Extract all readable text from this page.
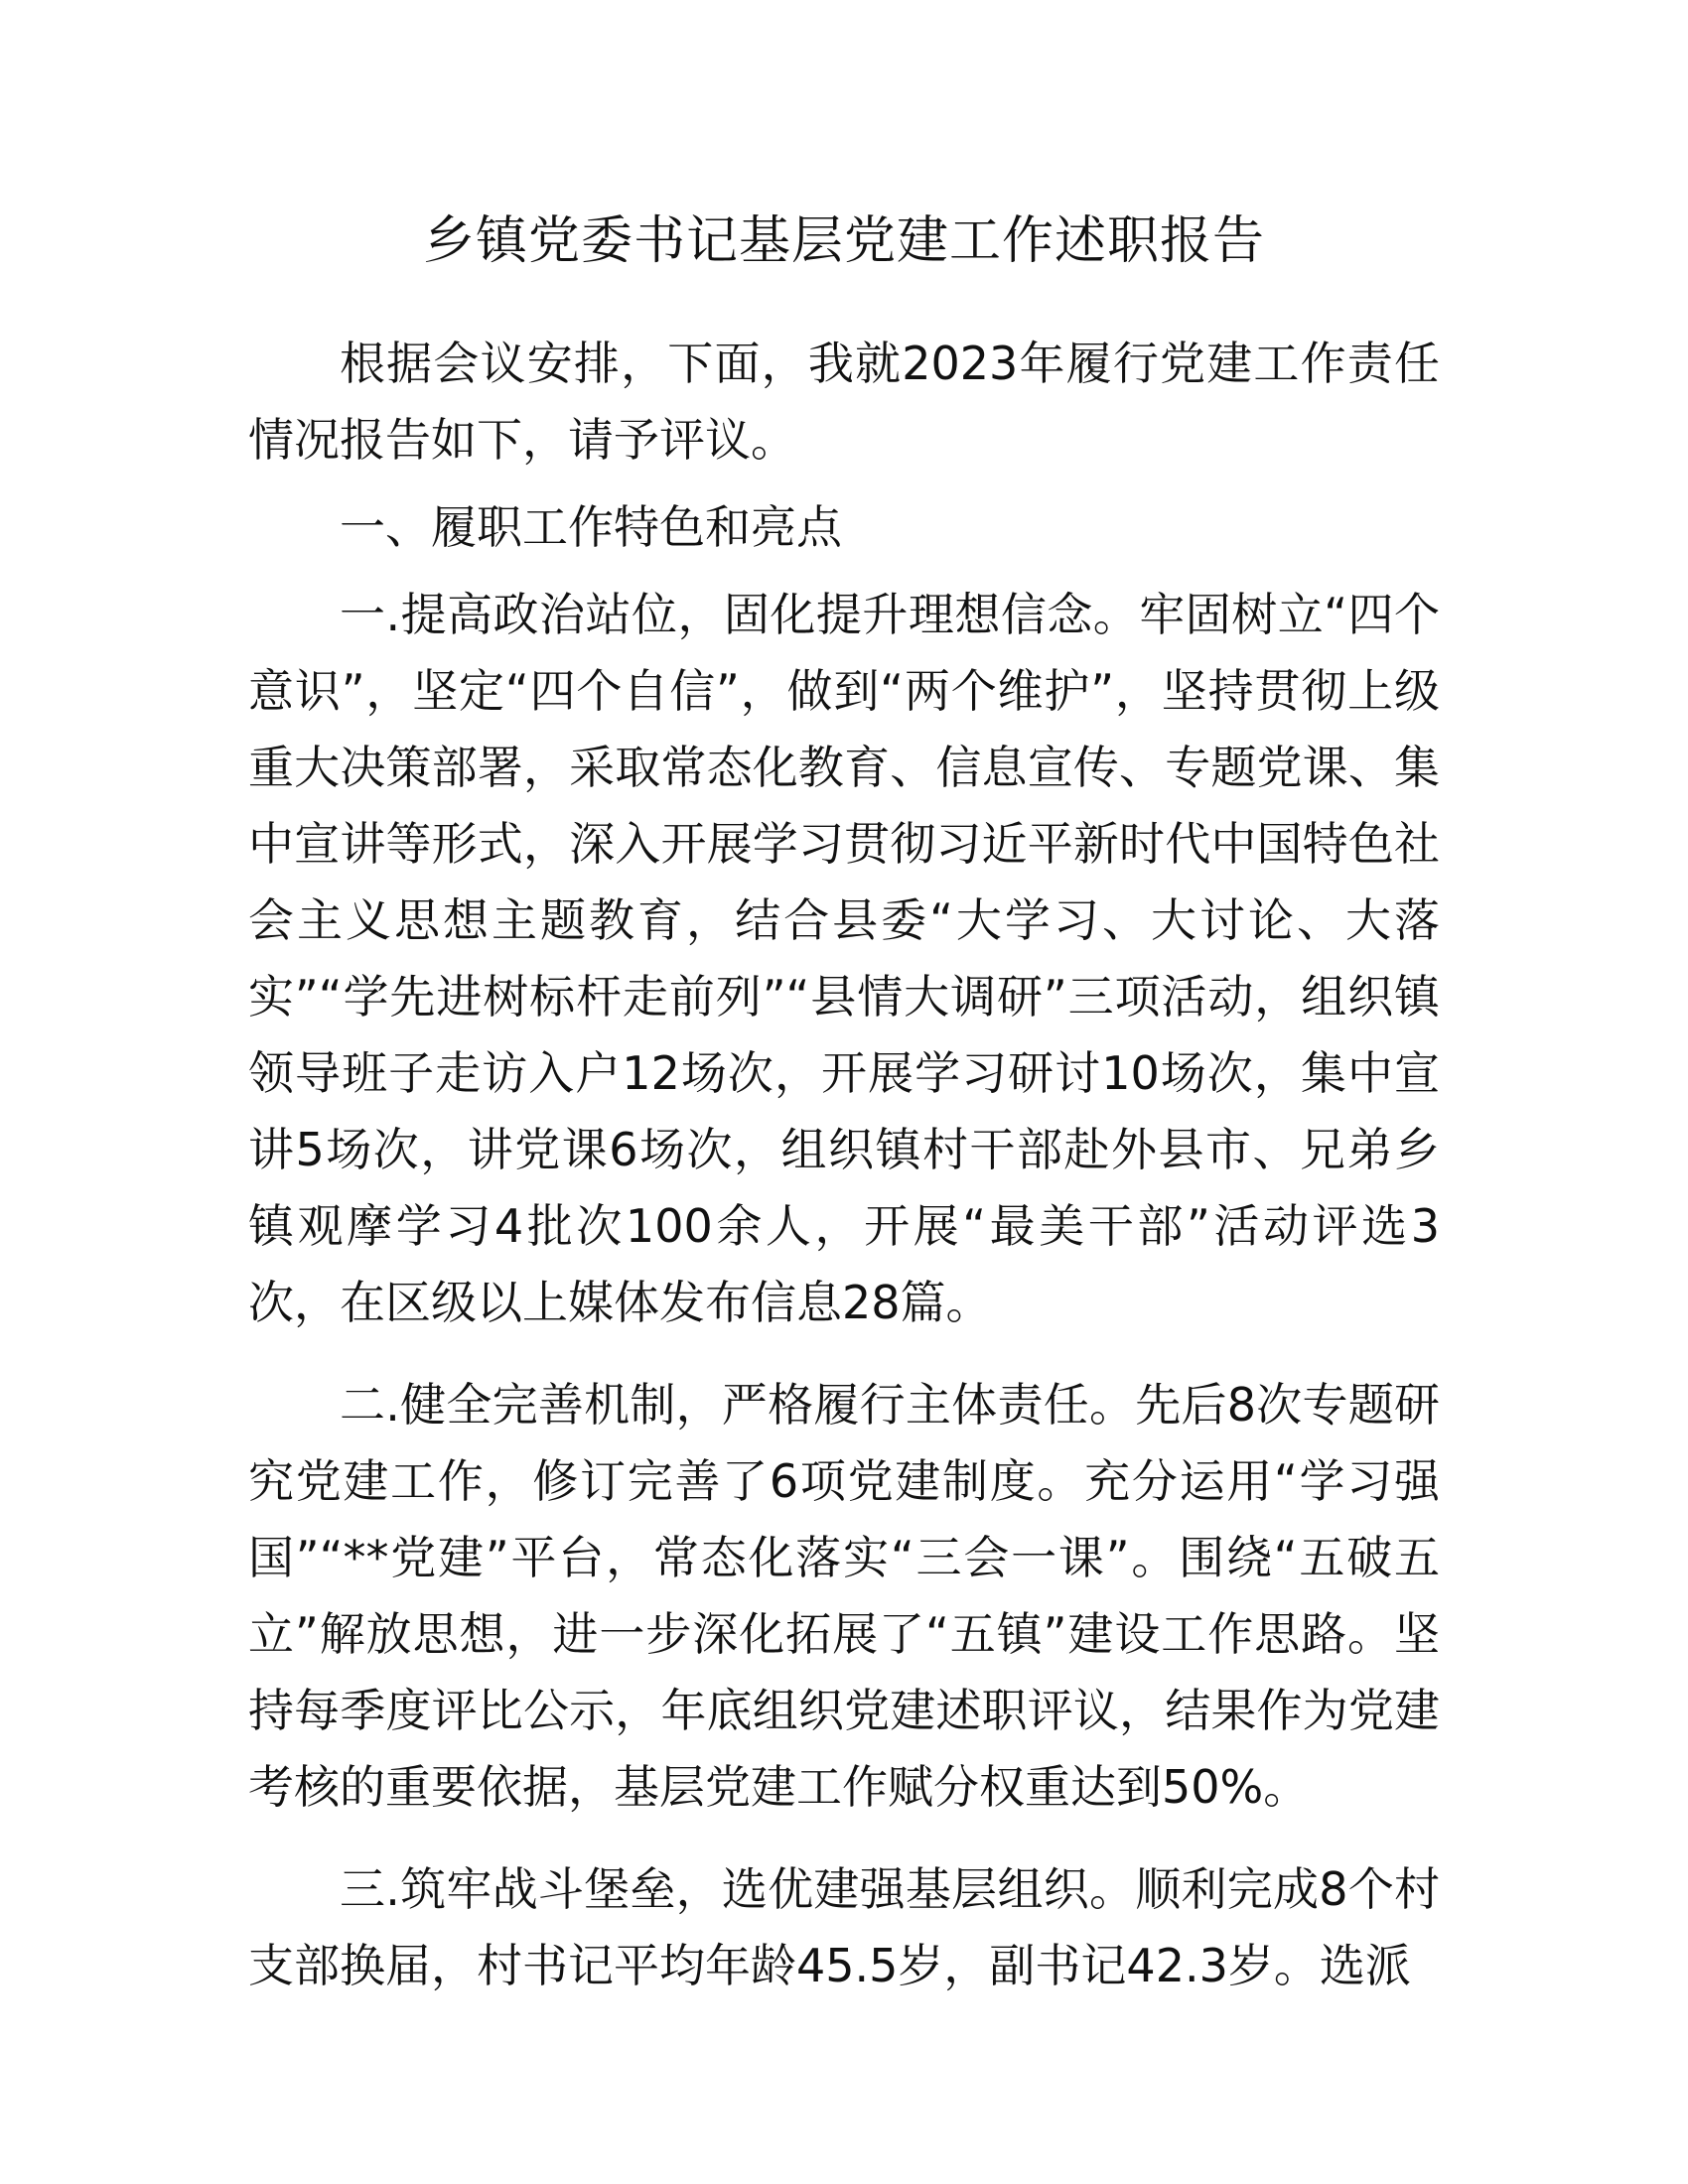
乡镇党委书记基层党建工作述职报告

根据会议安排，下面，我就2023年履行党建工作责任情况报告如下，请予评议。

一、履职工作特色和亮点

一.提高政治站位，固化提升理想信念。牢固树立“四个意识”，坚定“四个自信”，做到“两个维护”，坚持贯彻上级重大决策部署，采取常态化教育、信息宣传、专题党课、集中宣讲等形式，深入开展学习贯彻习近平新时代中国特色社会主义思想主题教育，结合县委“大学习、大讨论、大落实”“学先进树标杆走前列”“县情大调研”三项活动，组织镇领导班子走访入户12场次，开展学习研讨10场次，集中宣讲5场次，讲党课6场次，组织镇村干部赴外县市、兄弟乡镇观摩学习4批次100余人，开展“最美干部”活动评选3次，在区级以上媒体发布信息28篇。

二.健全完善机制，严格履行主体责任。先后8次专题研究党建工作，修订完善了6项党建制度。充分运用“学习强国”“**党建”平台，常态化落实“三会一课”。围绕“五破五立”解放思想，进一步深化拓展了“五镇”建设工作思路。坚持每季度评比公示，年底组织党建述职评议，结果作为党建考核的重要依据，基层党建工作赋分权重达到50%。

三.筑牢战斗堡垒，选优建强基层组织。顺利完成8个村支部换届，村书记平均年龄45.5岁，副书记42.3岁。选派
